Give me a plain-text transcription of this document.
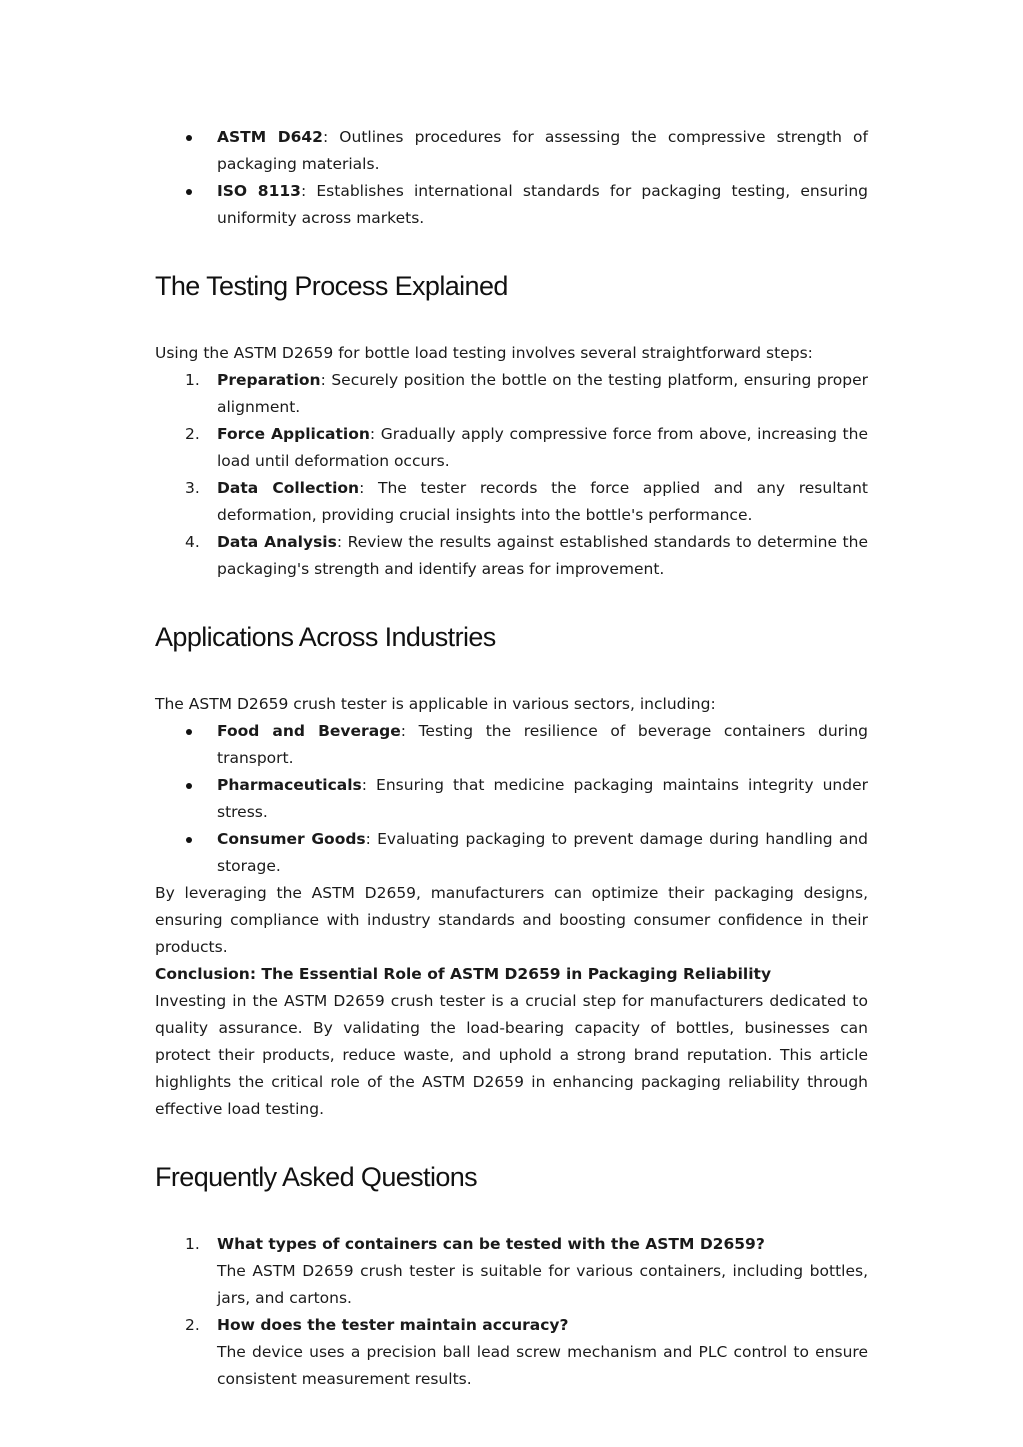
ASTM D642: Outlines procedures for assessing the compressive strength of packaging materials.
ISO 8113: Establishes international standards for packaging testing, ensuring uniformity across markets.
The Testing Process Explained

Using the ASTM D2659 for bottle load testing involves several straightforward steps:

1. Preparation: Securely position the bottle on the testing platform, ensuring proper alignment.
2. Force Application: Gradually apply compressive force from above, increasing the load until deformation occurs.
3. Data Collection: The tester records the force applied and any resultant deformation, providing crucial insights into the bottle's performance.
4. Data Analysis: Review the results against established standards to determine the packaging's strength and identify areas for improvement.
Applications Across Industries

The ASTM D2659 crush tester is applicable in various sectors, including:

Food and Beverage: Testing the resilience of beverage containers during transport.
Pharmaceuticals: Ensuring that medicine packaging maintains integrity under stress.
Consumer Goods: Evaluating packaging to prevent damage during handling and storage.

By leveraging the ASTM D2659, manufacturers can optimize their packaging designs, ensuring compliance with industry standards and boosting consumer confidence in their products.

Conclusion: The Essential Role of ASTM D2659 in Packaging Reliability

Investing in the ASTM D2659 crush tester is a crucial step for manufacturers dedicated to quality assurance. By validating the load-bearing capacity of bottles, businesses can protect their products, reduce waste, and uphold a strong brand reputation. This article highlights the critical role of the ASTM D2659 in enhancing packaging reliability through effective load testing.

Frequently Asked Questions
1. What types of containers can be tested with the ASTM D2659?
The ASTM D2659 crush tester is suitable for various containers, including bottles, jars, and cartons.
2. How does the tester maintain accuracy?
The device uses a precision ball lead screw mechanism and PLC control to ensure consistent measurement results.
